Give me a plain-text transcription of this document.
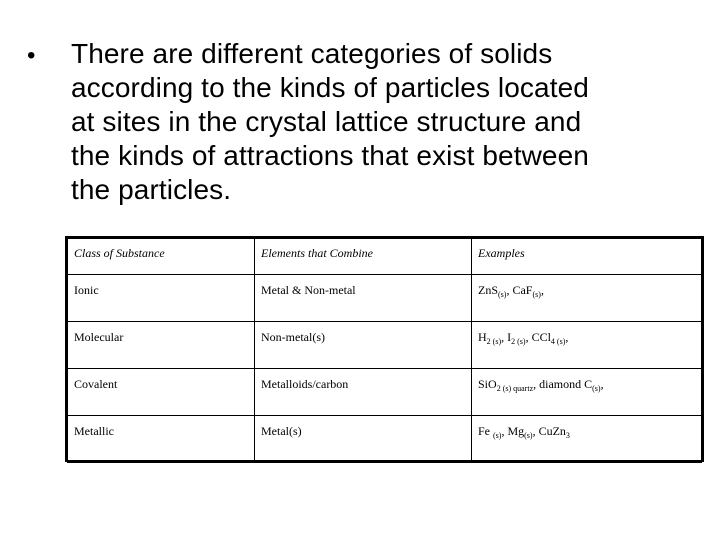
• There are different categories of solids
according to the kinds of particles located
at sites in the crystal lattice structure and
the kinds of attractions that exist between
the particles.

Class of Substance	Elements that Combine	Examples
Ionic	Metal & Non-metal	ZnS$_{(s)}$, CaF$_{(s)}$,
Molecular	Non-metal(s)	$H_{2 (s)}$, $I_{2 (s)}$, CCl$_{4 (s)}$,
Covalent	Metalloids/carbon	SiO$_{2 (s) quartz}$, diamond $C_{(s)}$,
Metallic	Metal(s)	Fe $_{(s)}$, $Mg_{(s)}$, CuZn$_3$
